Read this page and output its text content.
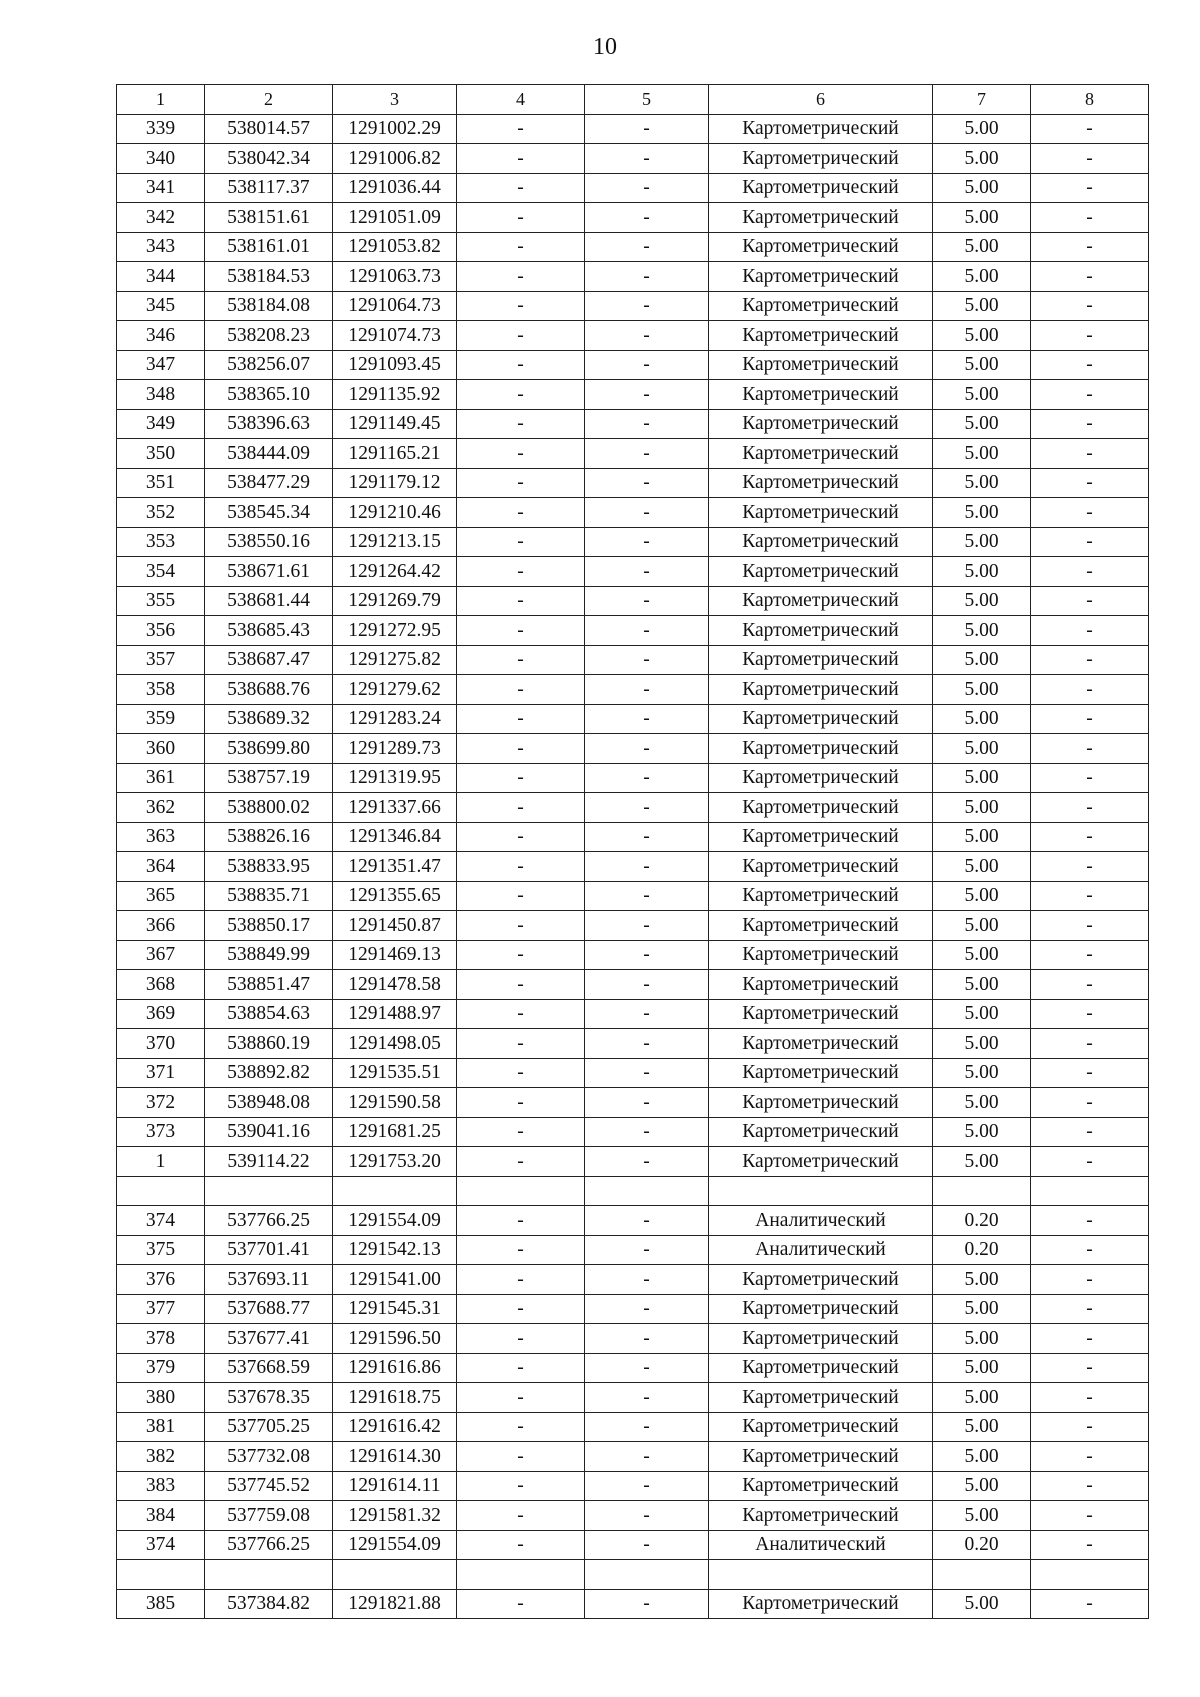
10
1	2	3	4	5	6	7	8
339	538014.57	1291002.29	-	-	Картометрический	5.00	-
340	538042.34	1291006.82	-	-	Картометрический	5.00	-
341	538117.37	1291036.44	-	-	Картометрический	5.00	-
342	538151.61	1291051.09	-	-	Картометрический	5.00	-
343	538161.01	1291053.82	-	-	Картометрический	5.00	-
344	538184.53	1291063.73	-	-	Картометрический	5.00	-
345	538184.08	1291064.73	-	-	Картометрический	5.00	-
346	538208.23	1291074.73	-	-	Картометрический	5.00	-
347	538256.07	1291093.45	-	-	Картометрический	5.00	-
348	538365.10	1291135.92	-	-	Картометрический	5.00	-
349	538396.63	1291149.45	-	-	Картометрический	5.00	-
350	538444.09	1291165.21	-	-	Картометрический	5.00	-
351	538477.29	1291179.12	-	-	Картометрический	5.00	-
352	538545.34	1291210.46	-	-	Картометрический	5.00	-
353	538550.16	1291213.15	-	-	Картометрический	5.00	-
354	538671.61	1291264.42	-	-	Картометрический	5.00	-
355	538681.44	1291269.79	-	-	Картометрический	5.00	-
356	538685.43	1291272.95	-	-	Картометрический	5.00	-
357	538687.47	1291275.82	-	-	Картометрический	5.00	-
358	538688.76	1291279.62	-	-	Картометрический	5.00	-
359	538689.32	1291283.24	-	-	Картометрический	5.00	-
360	538699.80	1291289.73	-	-	Картометрический	5.00	-
361	538757.19	1291319.95	-	-	Картометрический	5.00	-
362	538800.02	1291337.66	-	-	Картометрический	5.00	-
363	538826.16	1291346.84	-	-	Картометрический	5.00	-
364	538833.95	1291351.47	-	-	Картометрический	5.00	-
365	538835.71	1291355.65	-	-	Картометрический	5.00	-
366	538850.17	1291450.87	-	-	Картометрический	5.00	-
367	538849.99	1291469.13	-	-	Картометрический	5.00	-
368	538851.47	1291478.58	-	-	Картометрический	5.00	-
369	538854.63	1291488.97	-	-	Картометрический	5.00	-
370	538860.19	1291498.05	-	-	Картометрический	5.00	-
371	538892.82	1291535.51	-	-	Картометрический	5.00	-
372	538948.08	1291590.58	-	-	Картометрический	5.00	-
373	539041.16	1291681.25	-	-	Картометрический	5.00	-
1	539114.22	1291753.20	-	-	Картометрический	5.00	-

374	537766.25	1291554.09	-	-	Аналитический	0.20	-
375	537701.41	1291542.13	-	-	Аналитический	0.20	-
376	537693.11	1291541.00	-	-	Картометрический	5.00	-
377	537688.77	1291545.31	-	-	Картометрический	5.00	-
378	537677.41	1291596.50	-	-	Картометрический	5.00	-
379	537668.59	1291616.86	-	-	Картометрический	5.00	-
380	537678.35	1291618.75	-	-	Картометрический	5.00	-
381	537705.25	1291616.42	-	-	Картометрический	5.00	-
382	537732.08	1291614.30	-	-	Картометрический	5.00	-
383	537745.52	1291614.11	-	-	Картометрический	5.00	-
384	537759.08	1291581.32	-	-	Картометрический	5.00	-
374	537766.25	1291554.09	-	-	Аналитический	0.20	-

385	537384.82	1291821.88	-	-	Картометрический	5.00	-
